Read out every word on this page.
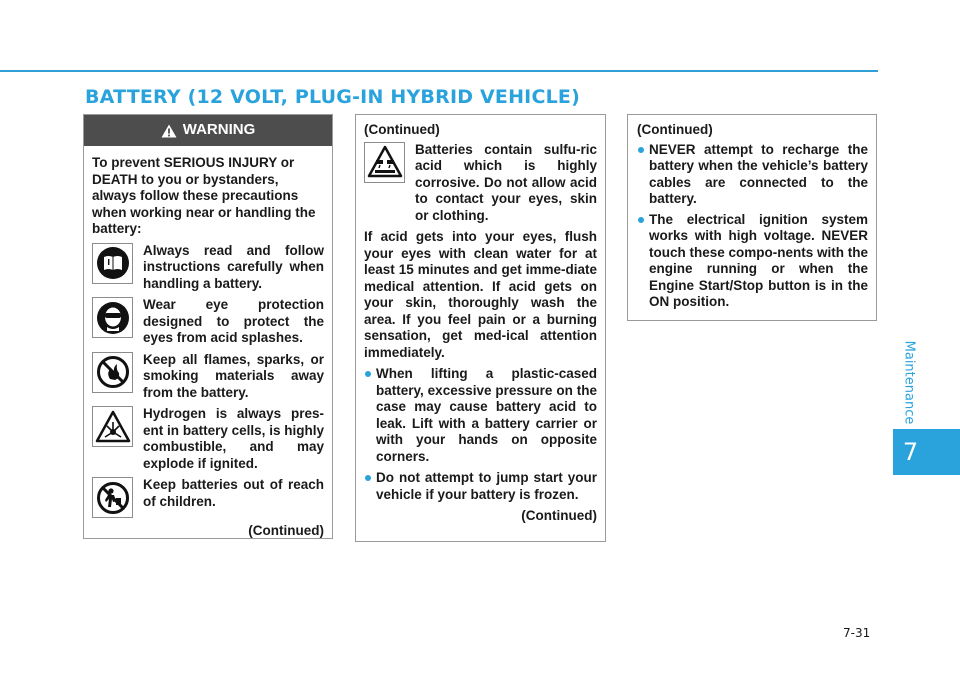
BATTERY (12 VOLT, PLUG-IN HYBRID VEHICLE)
Maintenance
7
7-31
WARNING

To prevent SERIOUS INJURY or DEATH to you or bystanders, always follow these precautions when working near or handling the battery:

Always read and follow instructions carefully when handling a battery.
Wear eye protection designed to protect the eyes from acid splashes.
Keep all flames, sparks, or smoking materials away from the battery.
Hydrogen is always pres-ent in battery cells, is highly combustible, and may explode if ignited.
Keep batteries out of reach of children.
(Continued)
(Continued)
Batteries contain sulfu-ric acid which is highly corrosive. Do not allow acid to contact your eyes, skin or clothing.

If acid gets into your eyes, flush your eyes with clean water for at least 15 minutes and get imme-diate medical attention. If acid gets on your skin, thoroughly wash the area. If you feel pain or a burning sensation, get med-ical attention immediately.

When lifting a plastic-cased battery, excessive pressure on the case may cause battery acid to leak. Lift with a battery carrier or with your hands on opposite corners.
Do not attempt to jump start your vehicle if your battery is frozen.
(Continued)
(Continued)
NEVER attempt to recharge the battery when the vehicle’s battery cables are connected to the battery.
The electrical ignition system works with high voltage. NEVER touch these compo-nents with the engine running or when the Engine Start/Stop button is in the ON position.
